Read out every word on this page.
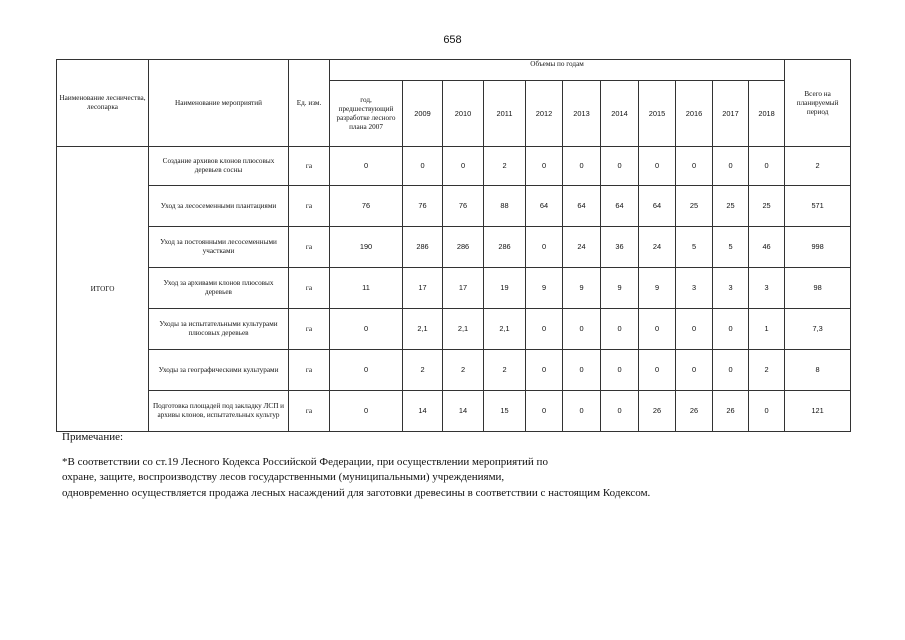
658
Наименование лесничества, лесопарка	Наименование мероприятий	Ед. изм.	Объемы по годам											Всего на планируемый период
			год, предшествующий разработке лесного плана 2007	2009	2010	2011	2012	2013	2014	2015	2016	2017	2018	
ИТОГО	Создание архивов клонов плюсовых деревьев сосны	га	0	0	0	2	0	0	0	0	0	0	0	2
	Уход за лесосеменными плантациями	га	76	76	76	88	64	64	64	64	25	25	25	571
	Уход за постоянными лесосеменными участками	га	190	286	286	286	0	24	36	24	5	5	46	998
	Уход за архивами клонов плюсовых деревьев	га	11	17	17	19	9	9	9	9	3	3	3	98
	Уходы за испытательными культурами плюсовых деревьев	га	0	2,1	2,1	2,1	0	0	0	0	0	0	1	7,3
	Уходы за географическими культурами	га	0	2	2	2	0	0	0	0	0	0	2	8
	Подготовка площадей под закладку ЛСП и архивы клонов, испытательных культур	га	0	14	14	15	0	0	0	26	26	26	0	121
Примечание:
*В соответствии со ст.19 Лесного Кодекса Российской Федерации, при осуществлении мероприятий по
охране, защите, воспроизводству лесов государственными (муниципальными) учреждениями,
одновременно осуществляется продажа лесных насаждений для заготовки древесины в соответствии с настоящим Кодексом.
